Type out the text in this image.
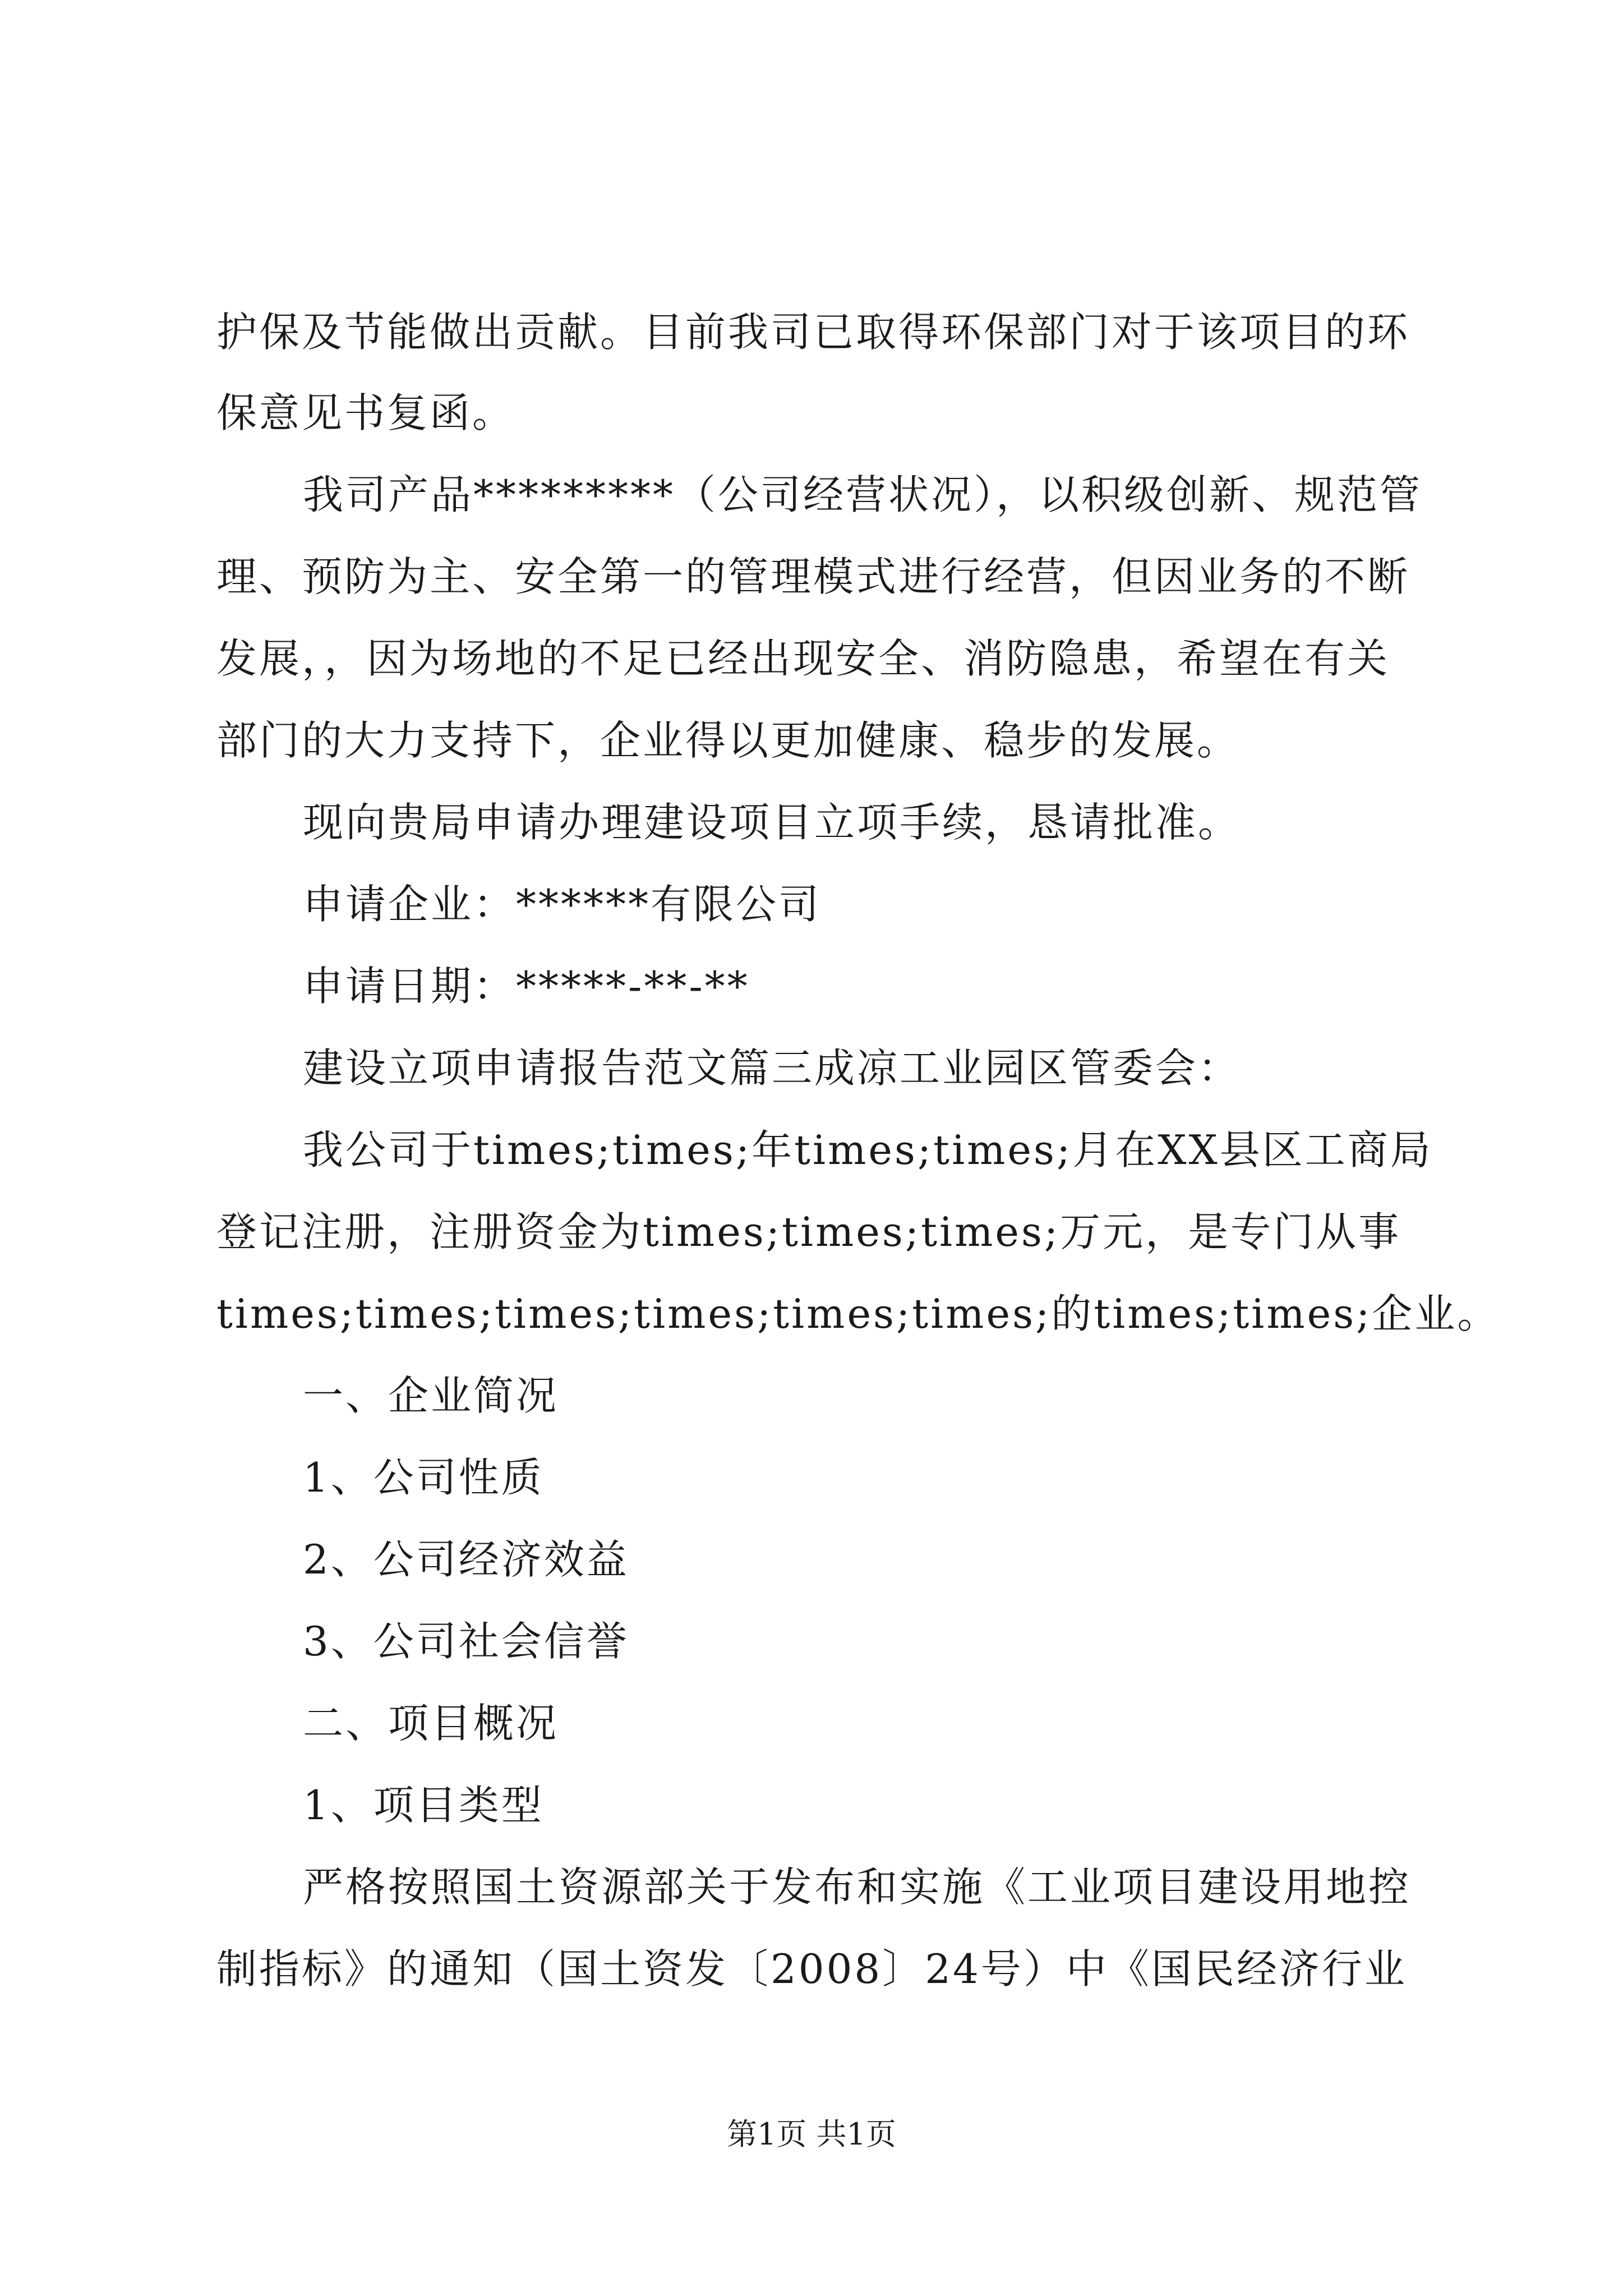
护保及节能做出贡献。目前我司已取得环保部门对于该项目的环
保意见书复函。
我司产品*********（公司经营状况），以积级创新、规范管
理、预防为主、安全第一的管理模式进行经营，但因业务的不断
发展，，因为场地的不足已经出现安全、消防隐患，希望在有关
部门的大力支持下，企业得以更加健康、稳步的发展。
现向贵局申请办理建设项目立项手续，恳请批准。
申请企业：******有限公司
申请日期：*****-**-**
建设立项申请报告范文篇三成凉工业园区管委会：
我公司于times;times;年times;times;月在XX县区工商局
登记注册，注册资金为times;times;times;万元，是专门从事
times;times;times;times;times;times;的times;times;企业。
一、企业简况
1、公司性质
2、公司经济效益
3、公司社会信誉
二、项目概况
1、项目类型
严格按照国土资源部关于发布和实施《工业项目建设用地控
制指标》的通知（国土资发〔2008〕24号）中《国民经济行业
第1页 共1页
